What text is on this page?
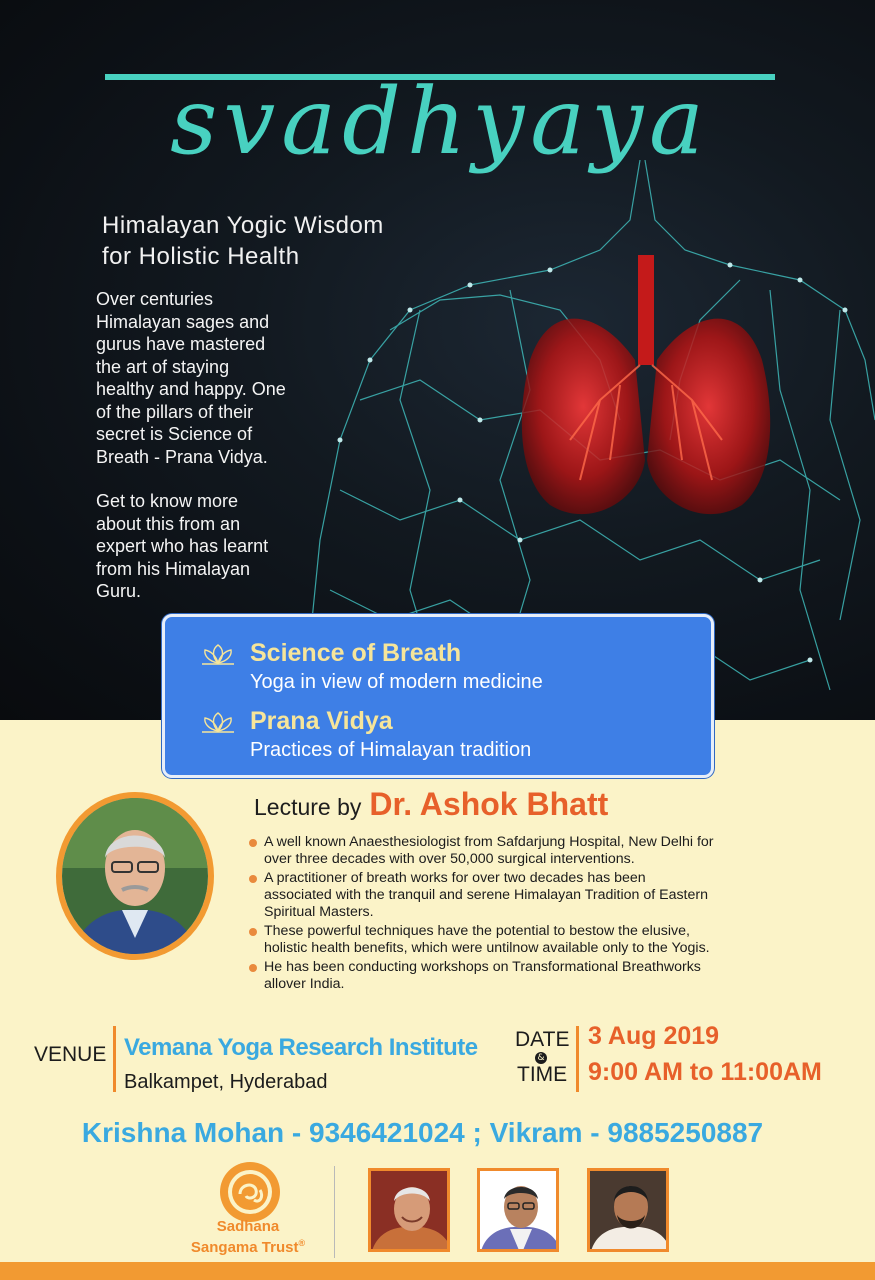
svadhyaya
Himalayan Yogic Wisdom
for Holistic Health

Over centuries
Himalayan sages and
gurus have mastered
the art of staying
healthy and happy. One
of the pillars of their
secret is Science of
Breath - Prana Vidya.

Get to know more
about this from an
expert who has learnt
from his Himalayan
Guru.

Science of Breath
Yoga in view of modern medicine
Prana Vidya
Practices of Himalayan tradition
Lecture by Dr. Ashok Bhatt
A well known Anaesthesiologist from Safdarjung Hospital, New Delhi for
over three decades with over 50,000 surgical interventions.
A practitioner of breath works for over two decades has been
associated with the tranquil and serene Himalayan Tradition of Eastern
Spiritual Masters.
These powerful techniques have the potential to bestow the elusive,
holistic health benefits, which were untilnow available only to the Yogis.
He has been conducting workshops on Transformational Breathworks
allover India.
VENUE Vemana Yoga Research Institute
Balkampet, Hyderabad
DATE
&
TIME
3 Aug 2019
9:00 AM to 11:00AM
Krishna Mohan - 9346421024 ; Vikram - 9885250887
Sadhana
Sangama Trust®
